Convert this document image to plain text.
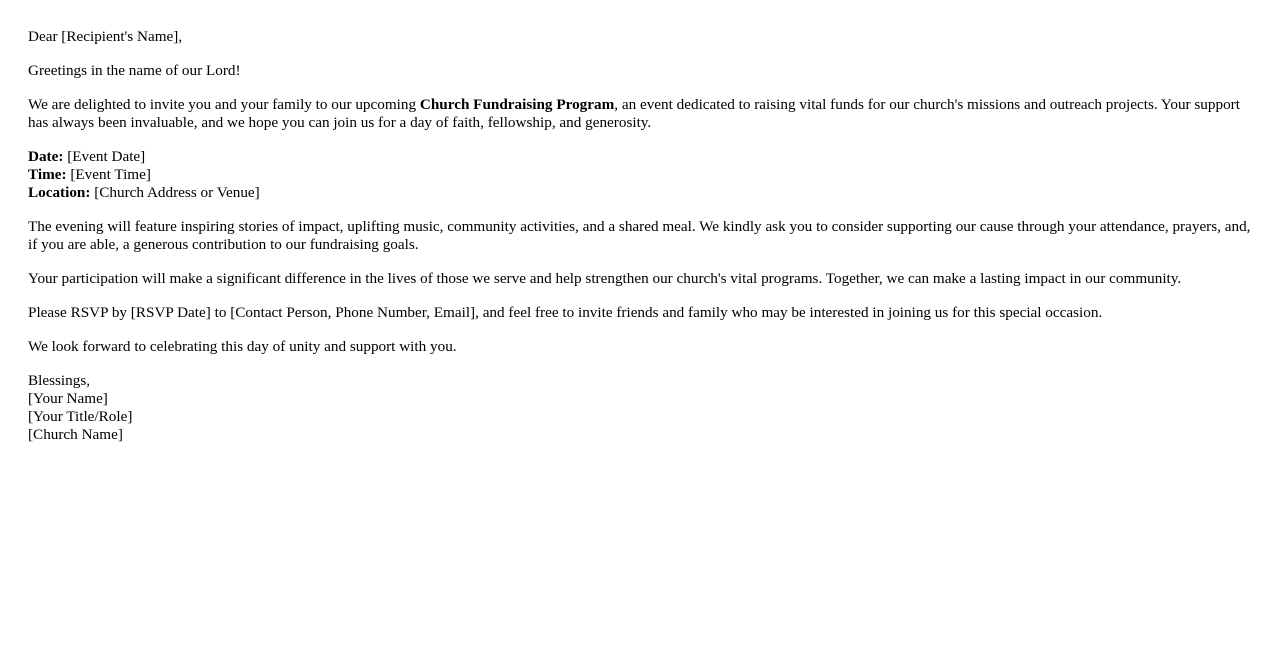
Dear [Recipient's Name],

Greetings in the name of our Lord!

We are delighted to invite you and your family to our upcoming Church Fundraising Program, an event dedicated to raising vital funds for our church's missions and outreach projects. Your support has always been invaluable, and we hope you can join us for a day of faith, fellowship, and generosity.

Date: [Event Date]
Time: [Event Time]
Location: [Church Address or Venue]

The evening will feature inspiring stories of impact, uplifting music, community activities, and a shared meal. We kindly ask you to consider supporting our cause through your attendance, prayers, and, if you are able, a generous contribution to our fundraising goals.

Your participation will make a significant difference in the lives of those we serve and help strengthen our church's vital programs. Together, we can make a lasting impact in our community.

Please RSVP by [RSVP Date] to [Contact Person, Phone Number, Email], and feel free to invite friends and family who may be interested in joining us for this special occasion.

We look forward to celebrating this day of unity and support with you.

Blessings,
[Your Name]
[Your Title/Role]
[Church Name]
